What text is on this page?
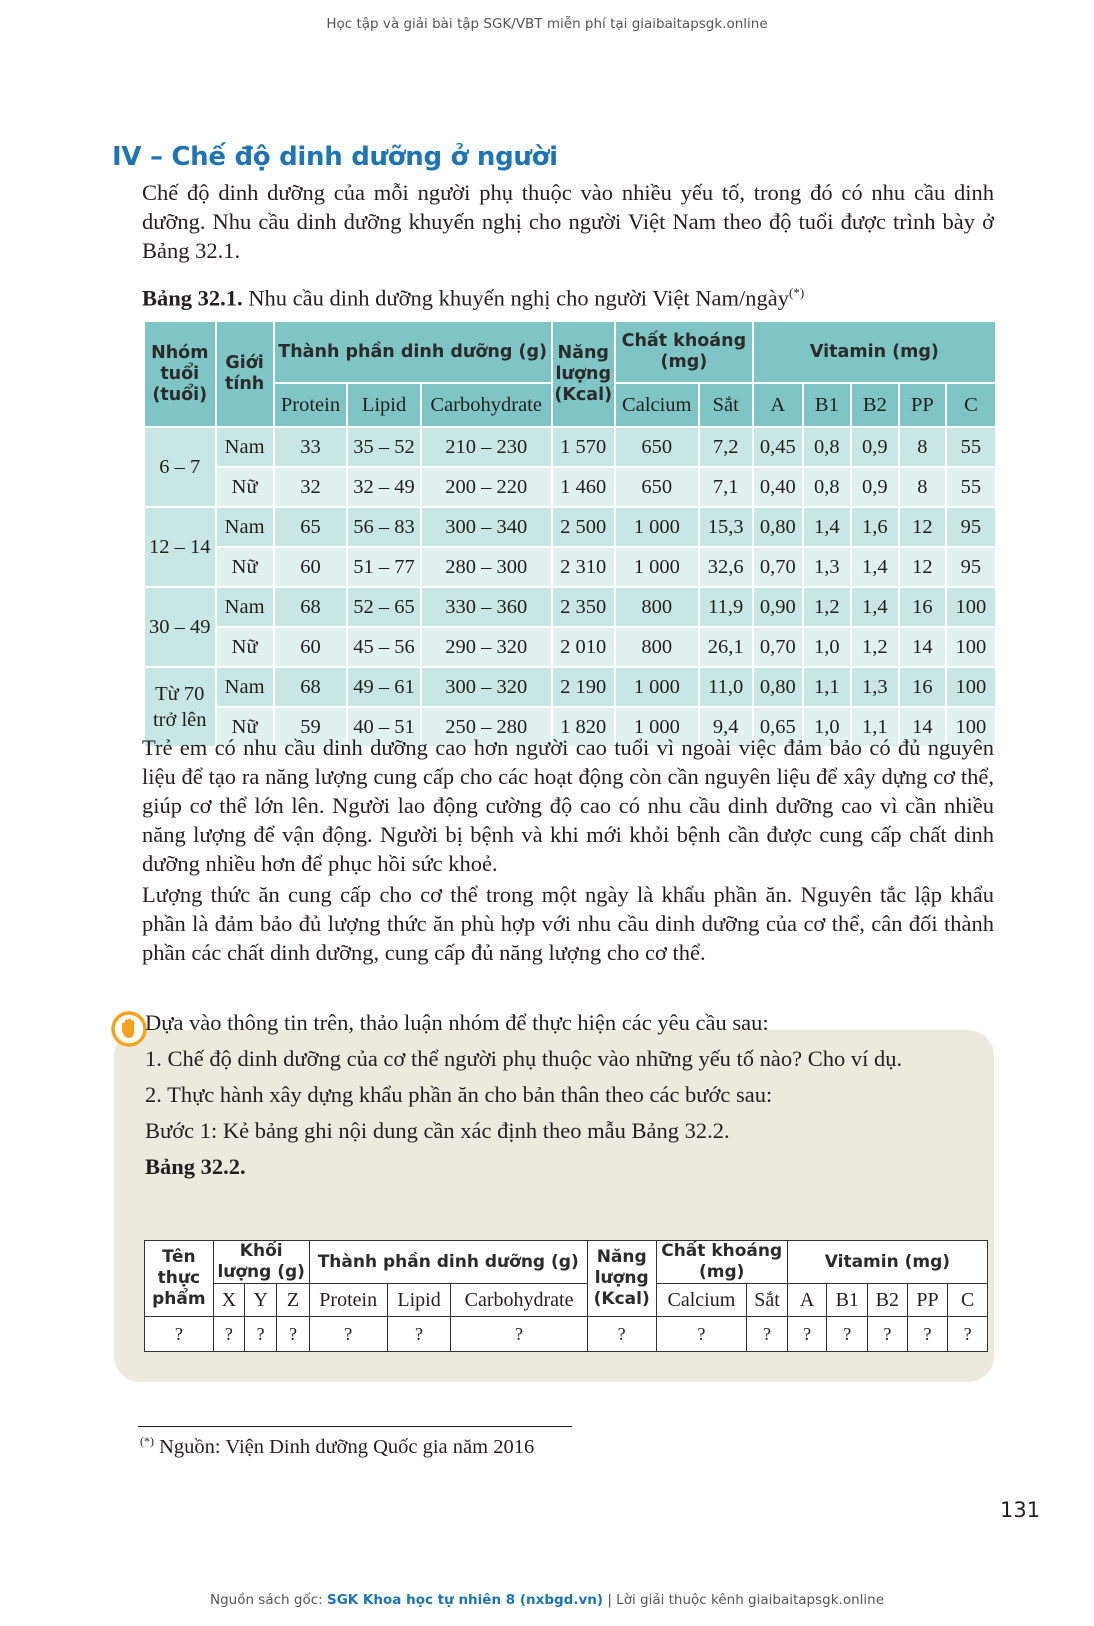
Học tập và giải bài tập SGK/VBT miễn phí tại giaibaitapsgk.online
IV – Chế độ dinh dưỡng ở người

Chế độ dinh dưỡng của mỗi người phụ thuộc vào nhiều yếu tố, trong đó có nhu cầu dinh dưỡng. Nhu cầu dinh dưỡng khuyến nghị cho người Việt Nam theo độ tuổi được trình bày ở Bảng 32.1.

Bảng 32.1. Nhu cầu dinh dưỡng khuyến nghị cho người Việt Nam/ngày(*)

Nhóm tuổi (tuổi)	Giới tính	Thành phần dinh dưỡng (g)			Năng lượng (Kcal)	Chất khoáng (mg)		Vitamin (mg)				
		Protein	Lipid	Carbohydrate		Calcium	Sắt	A	B1	B2	PP	C
6 – 7	Nam	33	35 – 52	210 – 230	1 570	650	7,2	0,45	0,8	0,9	8	55
	Nữ	32	32 – 49	200 – 220	1 460	650	7,1	0,40	0,8	0,9	8	55
12 – 14	Nam	65	56 – 83	300 – 340	2 500	1 000	15,3	0,80	1,4	1,6	12	95
	Nữ	60	51 – 77	280 – 300	2 310	1 000	32,6	0,70	1,3	1,4	12	95
30 – 49	Nam	68	52 – 65	330 – 360	2 350	800	11,9	0,90	1,2	1,4	16	100
	Nữ	60	45 – 56	290 – 320	2 010	800	26,1	0,70	1,0	1,2	14	100
Từ 70 trở lên	Nam	68	49 – 61	300 – 320	2 190	1 000	11,0	0,80	1,1	1,3	16	100
	Nữ	59	40 – 51	250 – 280	1 820	1 000	9,4	0,65	1,0	1,1	14	100

Trẻ em có nhu cầu dinh dưỡng cao hơn người cao tuổi vì ngoài việc đảm bảo có đủ nguyên liệu để tạo ra năng lượng cung cấp cho các hoạt động còn cần nguyên liệu để xây dựng cơ thể, giúp cơ thể lớn lên. Người lao động cường độ cao có nhu cầu dinh dưỡng cao vì cần nhiều năng lượng để vận động. Người bị bệnh và khi mới khỏi bệnh cần được cung cấp chất dinh dưỡng nhiều hơn để phục hồi sức khoẻ.

Lượng thức ăn cung cấp cho cơ thể trong một ngày là khẩu phần ăn. Nguyên tắc lập khẩu phần là đảm bảo đủ lượng thức ăn phù hợp với nhu cầu dinh dưỡng của cơ thể, cân đối thành phần các chất dinh dưỡng, cung cấp đủ năng lượng cho cơ thể.

Dựa vào thông tin trên, thảo luận nhóm để thực hiện các yêu cầu sau:

1. Chế độ dinh dưỡng của cơ thể người phụ thuộc vào những yếu tố nào? Cho ví dụ.

2. Thực hành xây dựng khẩu phần ăn cho bản thân theo các bước sau:

Bước 1: Kẻ bảng ghi nội dung cần xác định theo mẫu Bảng 32.2.

Bảng 32.2.

Tên thực phẩm	Khối lượng (g)			Thành phần dinh dưỡng (g)			Năng lượng (Kcal)	Chất khoáng (mg)		Vitamin (mg)				
	X	Y	Z	Protein	Lipid	Carbohydrate		Calcium	Sắt	A	B1	B2	PP	C
?	?	?	?	?	?	?	?	?	?	?	?	?	?	?

(*) Nguồn: Viện Dinh dưỡng Quốc gia năm 2016

131
Nguồn sách gốc: SGK Khoa học tự nhiên 8 (nxbgd.vn) | Lời giải thuộc kênh giaibaitapsgk.online
